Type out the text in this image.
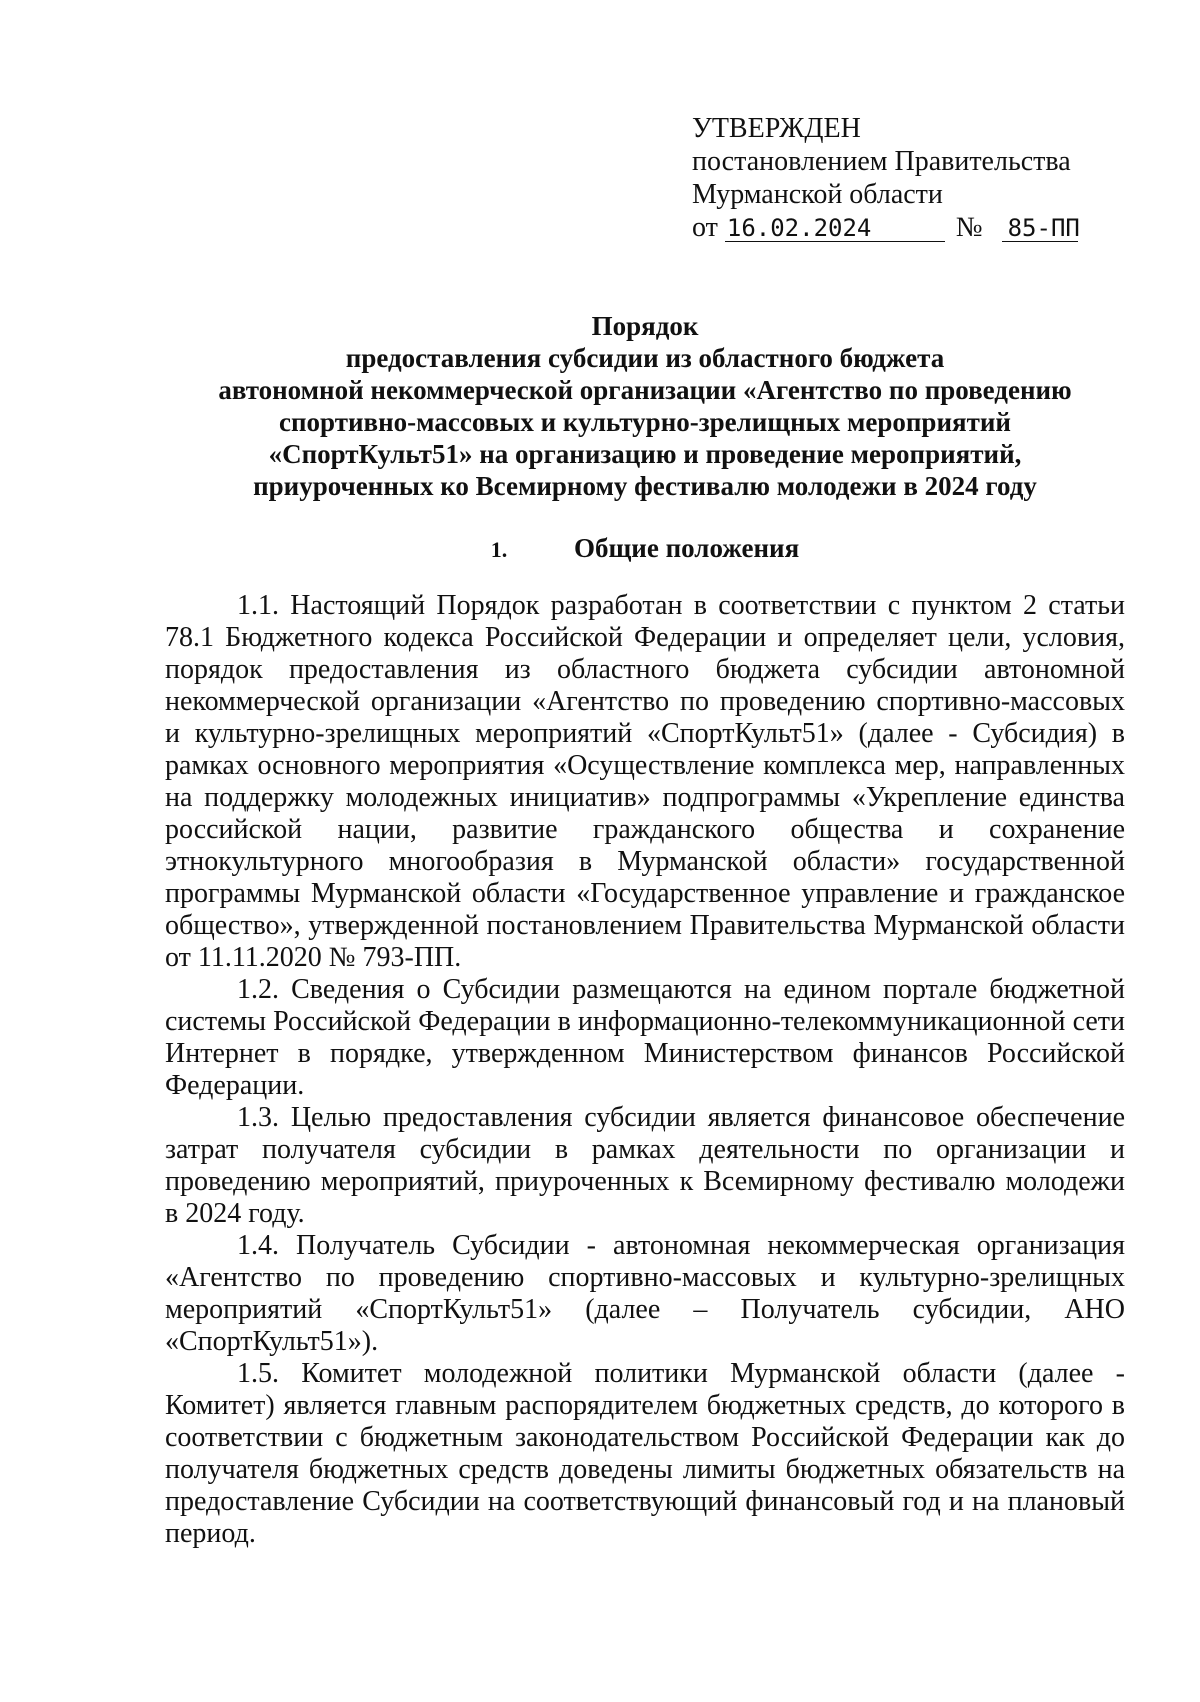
УТВЕРЖДЕН
постановлением Правительства
Мурманской области
от 16.02.2024	№ 85-ПП
Порядок
предоставления субсидии из областного бюджета
автономной некоммерческой организации «Агентство по проведению
спортивно-массовых и культурно-зрелищных мероприятий
«СпортКульт51» на организацию и проведение мероприятий,
приуроченных ко Всемирному фестивалю молодежи в 2024 году
1. Общие положения

1.1. Настоящий Порядок разработан в соответствии с пунктом 2 статьи 78.1 Бюджетного кодекса Российской Федерации и определяет цели, условия, порядок предоставления из областного бюджета субсидии автономной некоммерческой организации «Агентство по проведению спортивно-массовых и культурно-зрелищных мероприятий «СпортКульт51» (далее - Субсидия) в рамках основного мероприятия «Осуществление комплекса мер, направленных на поддержку молодежных инициатив» подпрограммы «Укрепление единства российской нации, развитие гражданского общества и сохранение этнокультурного многообразия в Мурманской области» государственной программы Мурманской области «Государственное управление и гражданское общество», утвержденной постановлением Правительства Мурманской области от 11.11.2020 № 793-ПП.

1.2. Сведения о Субсидии размещаются на едином портале бюджетной системы Российской Федерации в информационно-телекоммуникационной сети Интернет в порядке, утвержденном Министерством финансов Российской Федерации.

1.3. Целью предоставления субсидии является финансовое обеспечение затрат получателя субсидии в рамках деятельности по организации и проведению мероприятий, приуроченных к Всемирному фестивалю молодежи в 2024 году.

1.4. Получатель Субсидии - автономная некоммерческая организация «Агентство по проведению спортивно-массовых и культурно-зрелищных мероприятий «СпортКульт51» (далее – Получатель субсидии, АНО «СпортКульт51»).

1.5. Комитет молодежной политики Мурманской области (далее - Комитет) является главным распорядителем бюджетных средств, до которого в соответствии с бюджетным законодательством Российской Федерации как до получателя бюджетных средств доведены лимиты бюджетных обязательств на предоставление Субсидии на соответствующий финансовый год и на плановый период.
